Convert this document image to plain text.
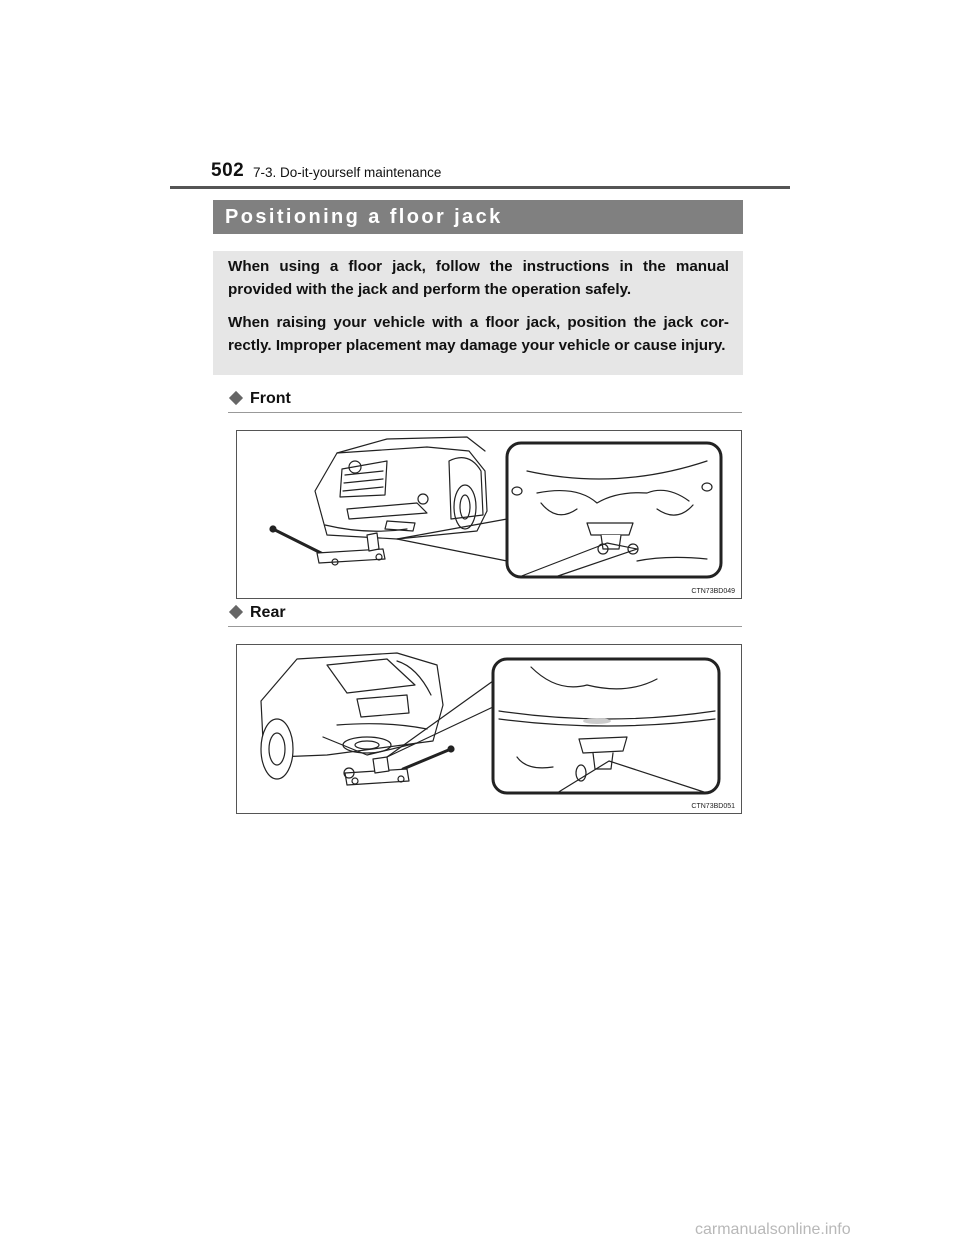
502 7-3. Do-it-yourself maintenance
Positioning a floor jack

When using a floor jack, follow the instructions in the manual provided with the jack and perform the operation safely.

When raising your vehicle with a floor jack, position the jack cor-rectly. Improper placement may damage your vehicle or cause injury.

Front
CTN73BD049
Rear
CTN73BD051
carmanualsonline.info
